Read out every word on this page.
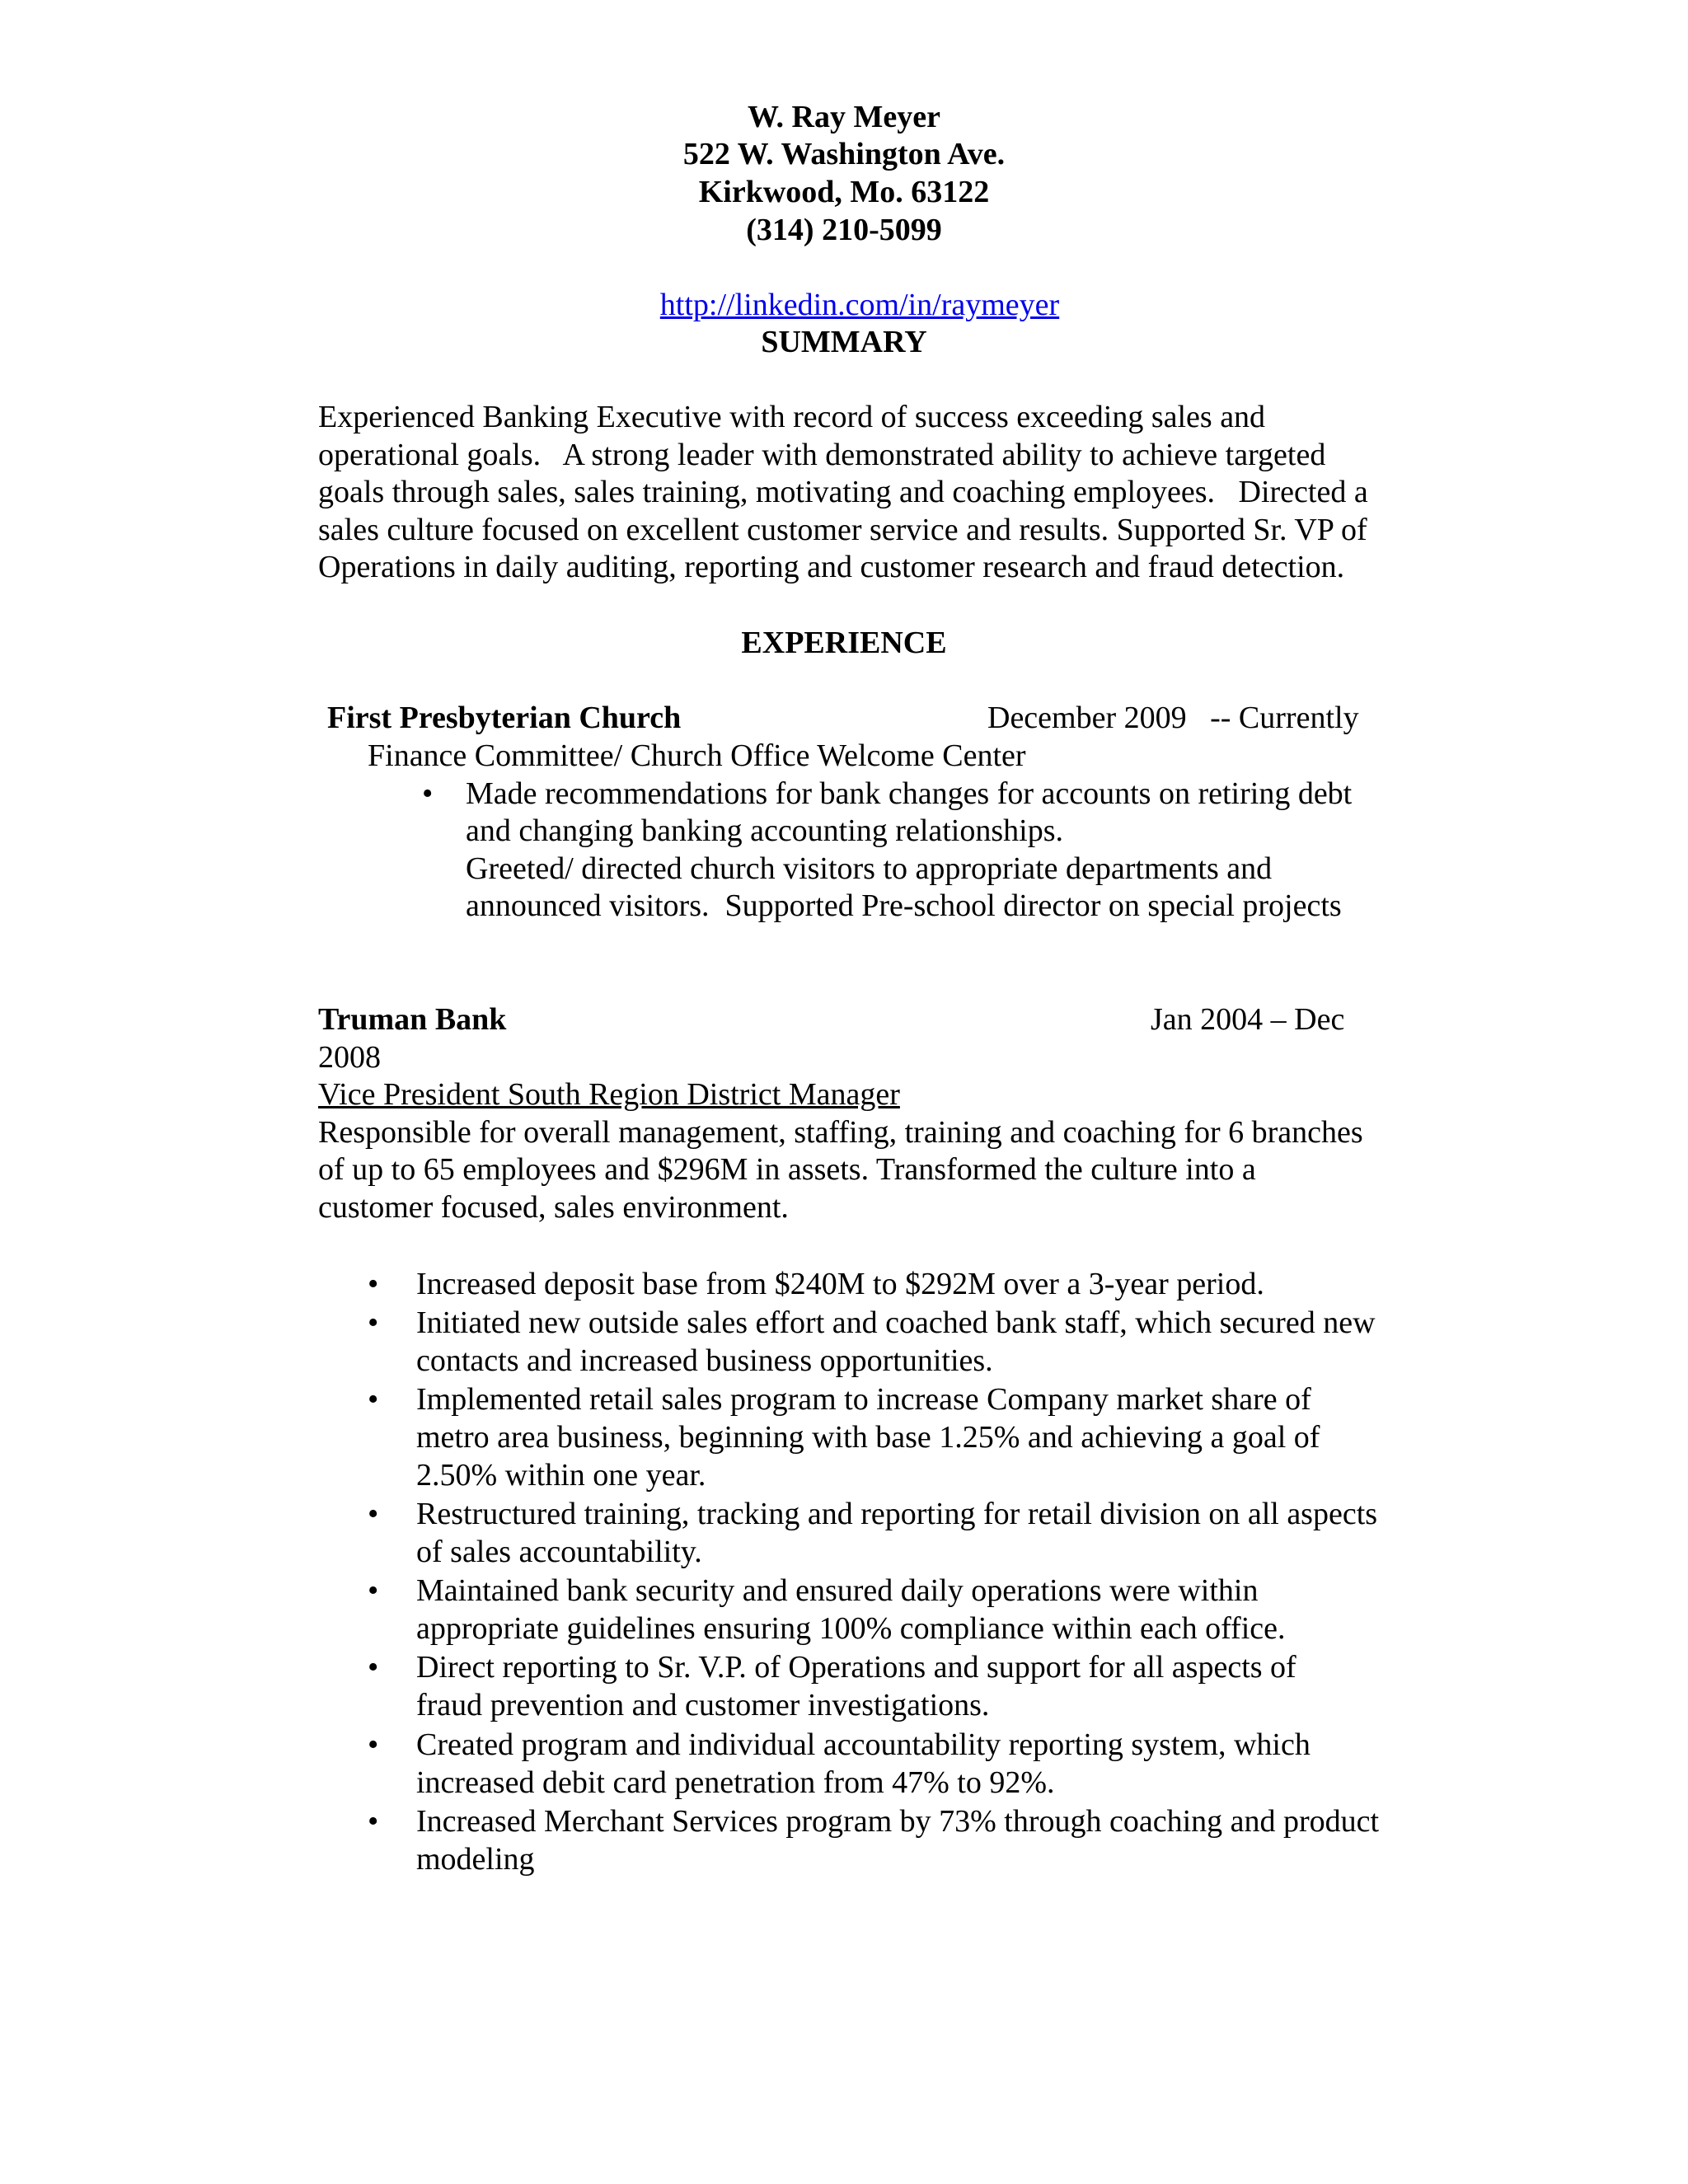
W. Ray Meyer
522 W. Washington Ave.
Kirkwood, Mo. 63122
(314) 210-5099

http://linkedin.com/in/raymeyer

SUMMARY
Experienced Banking Executive with record of success exceeding sales and
operational goals.   A strong leader with demonstrated ability to achieve targeted
goals through sales, sales training, motivating and coaching employees.   Directed a
sales culture focused on excellent customer service and results. Supported Sr. VP of
Operations in daily auditing, reporting and customer research and fraud detection.
EXPERIENCE
First Presbyterian Church	December 2009   -- Currently
Finance Committee/ Church Office Welcome Center
• Made recommendations for bank changes for accounts on retiring debt
and changing banking accounting relationships.
Greeted/ directed church visitors to appropriate departments and
announced visitors.  Supported Pre-school director on special projects
Truman Bank	Jan 2004 – Dec
2008
Vice President South Region District Manager
Responsible for overall management, staffing, training and coaching for 6 branches
of up to 65 employees and $296M in assets. Transformed the culture into a
customer focused, sales environment.
• Increased deposit base from $240M to $292M over a 3-year period.
• Initiated new outside sales effort and coached bank staff, which secured new
contacts and increased business opportunities.
• Implemented retail sales program to increase Company market share of
metro area business, beginning with base 1.25% and achieving a goal of
2.50% within one year.
• Restructured training, tracking and reporting for retail division on all aspects
of sales accountability.
• Maintained bank security and ensured daily operations were within
appropriate guidelines ensuring 100% compliance within each office.
• Direct reporting to Sr. V.P. of Operations and support for all aspects of
fraud prevention and customer investigations.
• Created program and individual accountability reporting system, which
increased debit card penetration from 47% to 92%.
• Increased Merchant Services program by 73% through coaching and product
modeling
